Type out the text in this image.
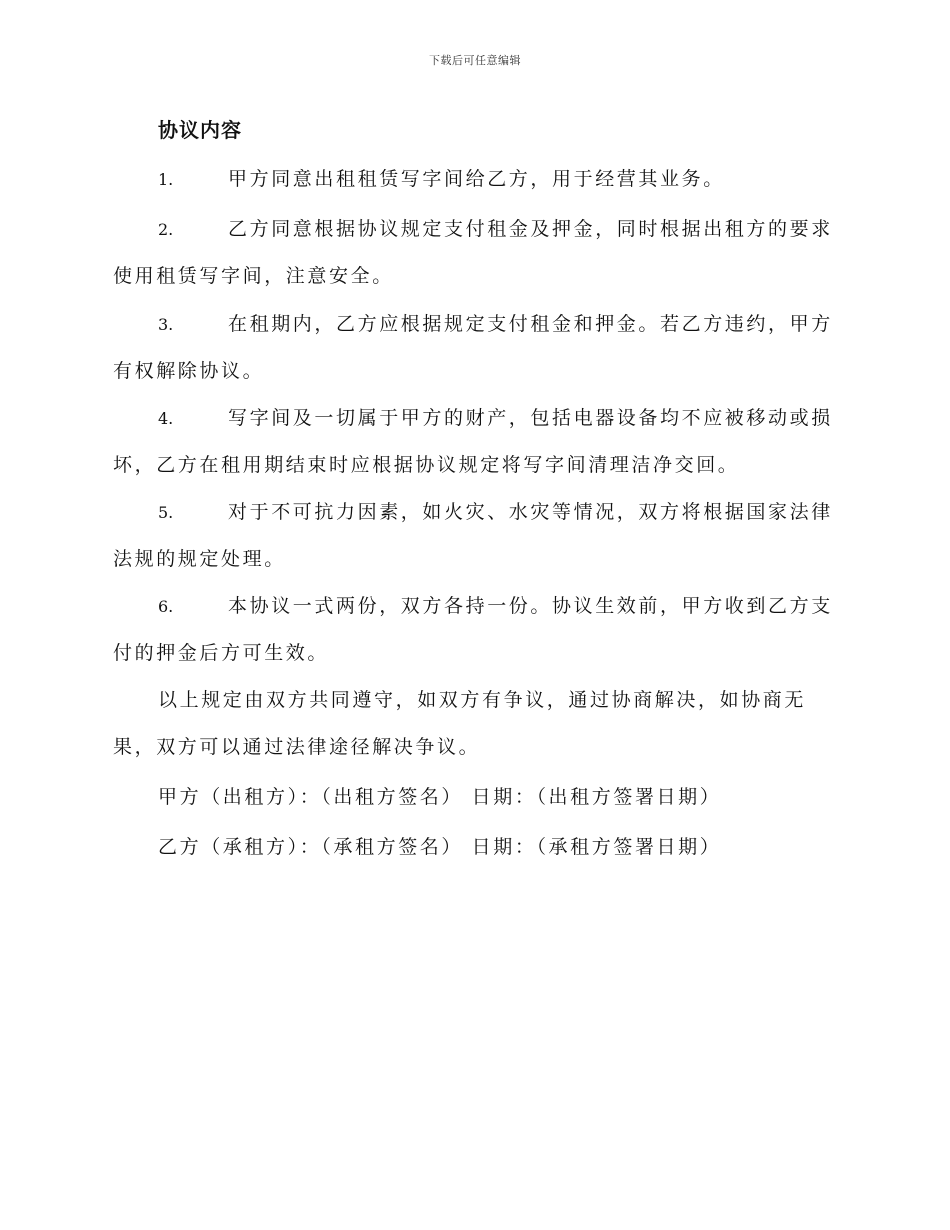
下载后可任意编辑
协议内容
1.	甲方同意出租租赁写字间给乙方，用于经营其业务。
2.	乙方同意根据协议规定支付租金及押金，同时根据出租方的要求使用租赁写字间，注意安全。
3.	在租期内，乙方应根据规定支付租金和押金。若乙方违约，甲方有权解除协议。
4.	写字间及一切属于甲方的财产，包括电器设备均不应被移动或损坏，乙方在租用期结束时应根据协议规定将写字间清理洁净交回。
5.	对于不可抗力因素，如火灾、水灾等情况，双方将根据国家法律法规的规定处理。
6.	本协议一式两份，双方各持一份。协议生效前，甲方收到乙方支付的押金后方可生效。
以上规定由双方共同遵守，如双方有争议，通过协商解决，如协商无果，双方可以通过法律途径解决争议。
甲方（出租方）：（出租方签名） 日期：（出租方签署日期）
乙方（承租方）：（承租方签名） 日期：（承租方签署日期）
